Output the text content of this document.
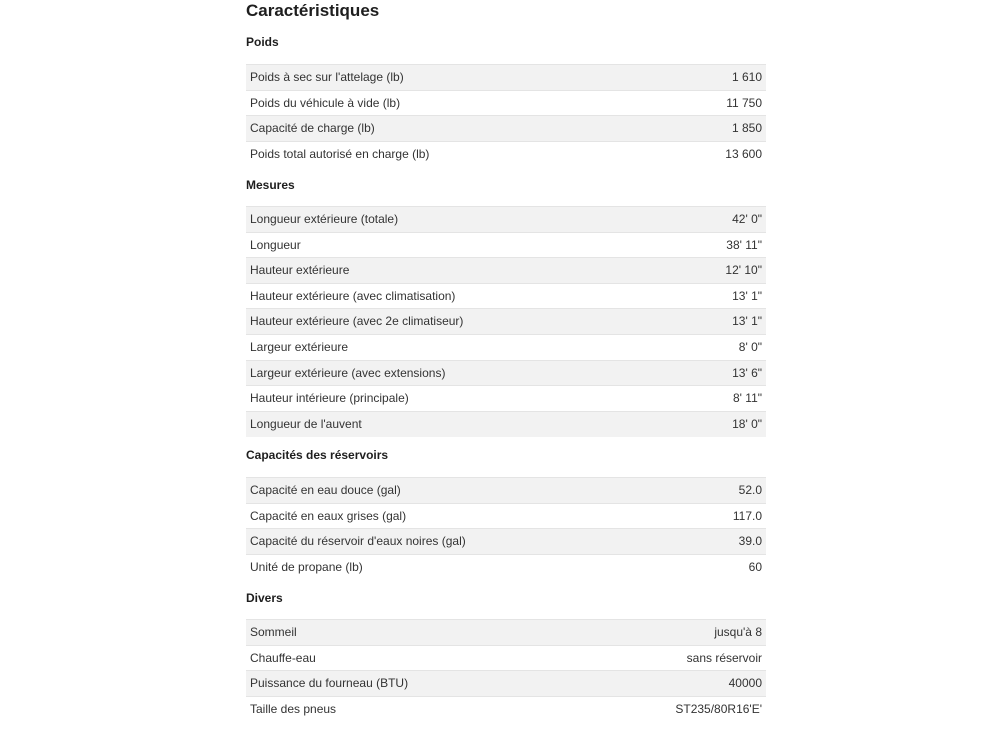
Caractéristiques
Poids
Poids à sec sur l'attelage (lb)	1 610
Poids du véhicule à vide (lb)	11 750
Capacité de charge (lb)	1 850
Poids total autorisé en charge (lb)	13 600
Mesures
Longueur extérieure (totale)	42' 0"
Longueur	38' 11"
Hauteur extérieure	12' 10"
Hauteur extérieure (avec climatisation)	13' 1"
Hauteur extérieure (avec 2e climatiseur)	13' 1"
Largeur extérieure	8' 0"
Largeur extérieure (avec extensions)	13' 6"
Hauteur intérieure (principale)	8' 11"
Longueur de l'auvent	18' 0"
Capacités des réservoirs
Capacité en eau douce (gal)	52.0
Capacité en eaux grises (gal)	117.0
Capacité du réservoir d'eaux noires (gal)	39.0
Unité de propane (lb)	60
Divers
Sommeil	jusqu'à 8
Chauffe-eau	sans réservoir
Puissance du fourneau (BTU)	40000
Taille des pneus	ST235/80R16'E'
